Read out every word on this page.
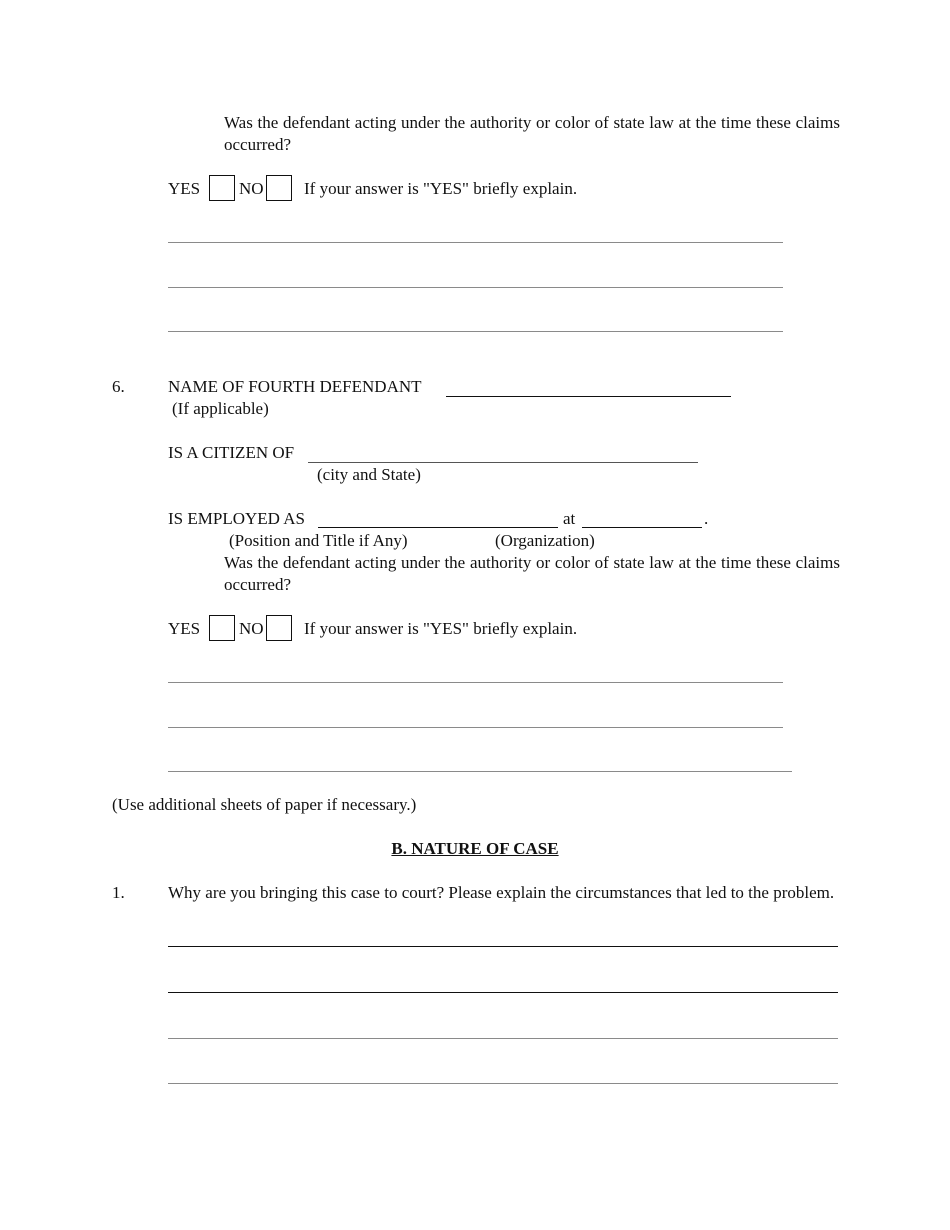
Was the defendant acting under the authority or color of state law at the time these claims occurred?
YES NO If your answer is "YES" briefly explain.
6.	NAME OF FOURTH DEFENDANT
(If applicable)
IS A CITIZEN OF
(city and State)
IS EMPLOYED AS	at	.
(Position and Title if Any)	(Organization)
Was the defendant acting under the authority or color of state law at the time these claims occurred?
YES NO If your answer is "YES" briefly explain.
(Use additional sheets of paper if necessary.)
B. NATURE OF CASE
1.	Why are you bringing this case to court? Please explain the circumstances that led to the problem.
